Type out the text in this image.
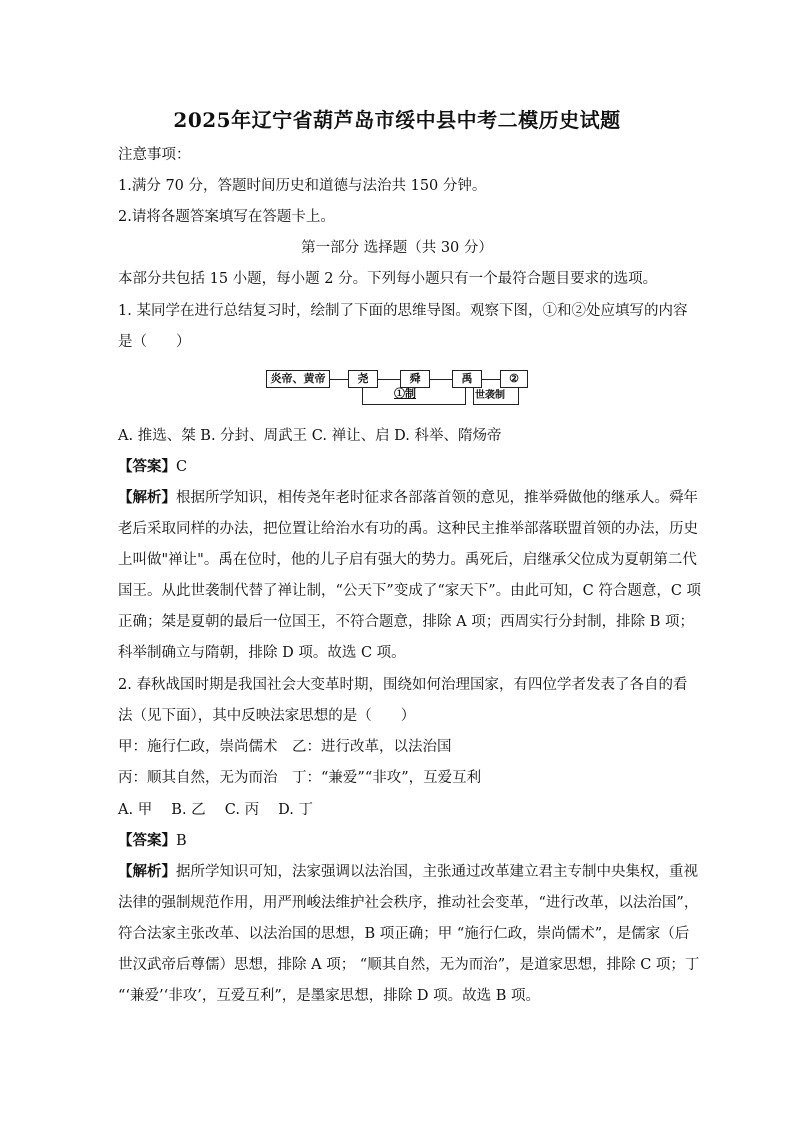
2025年辽宁省葫芦岛市绥中县中考二模历史试题
注意事项：
1.满分 70 分，答题时间历史和道德与法治共 150 分钟。
2.请将各题答案填写在答题卡上。
第一部分 选择题（共 30 分）
本部分共包括 15 小题，每小题 2 分。下列每小题只有一个最符合题目要求的选项。
1. 某同学在进行总结复习时，绘制了下面的思维导图。观察下图，①和②处应填写的内容
是（　　）
炎帝、黄帝	尧	舜	禹	②
①制	世袭制
A. 推选、桀 B. 分封、周武王 C. 禅让、启 D. 科举、隋炀帝
【答案】C
【解析】根据所学知识，相传尧年老时征求各部落首领的意见，推举舜做他的继承人。舜年
老后采取同样的办法，把位置让给治水有功的禹。这种民主推举部落联盟首领的办法，历史
上叫做"禅让"。禹在位时，他的儿子启有强大的势力。禹死后，启继承父位成为夏朝第二代
国王。从此世袭制代替了禅让制，“公天下”变成了“家天下”。由此可知，C 符合题意，C 项
正确；桀是夏朝的最后一位国王，不符合题意，排除 A 项；西周实行分封制，排除 B 项；
科举制确立与隋朝，排除 D 项。故选 C 项。
2. 春秋战国时期是我国社会大变革时期，围绕如何治理国家，有四位学者发表了各自的看
法（见下面），其中反映法家思想的是（　　）
甲：施行仁政，崇尚儒术　乙：进行改革，以法治国
丙：顺其自然，无为而治　丁：“兼爱”“非攻”，互爱互利
A. 甲　 B. 乙　 C. 丙　 D. 丁
【答案】B
【解析】据所学知识可知，法家强调以法治国，主张通过改革建立君主专制中央集权，重视
法律的强制规范作用，用严刑峻法维护社会秩序，推动社会变革，“进行改革，以法治国”，
符合法家主张改革、以法治国的思想，B 项正确；甲 “施行仁政，崇尚儒术”，是儒家（后
世汉武帝后尊儒）思想，排除 A 项； “顺其自然，无为而治”，是道家思想，排除 C 项；丁
“‘兼爱’‘非攻’，互爱互利”，是墨家思想，排除 D 项。故选 B 项。
